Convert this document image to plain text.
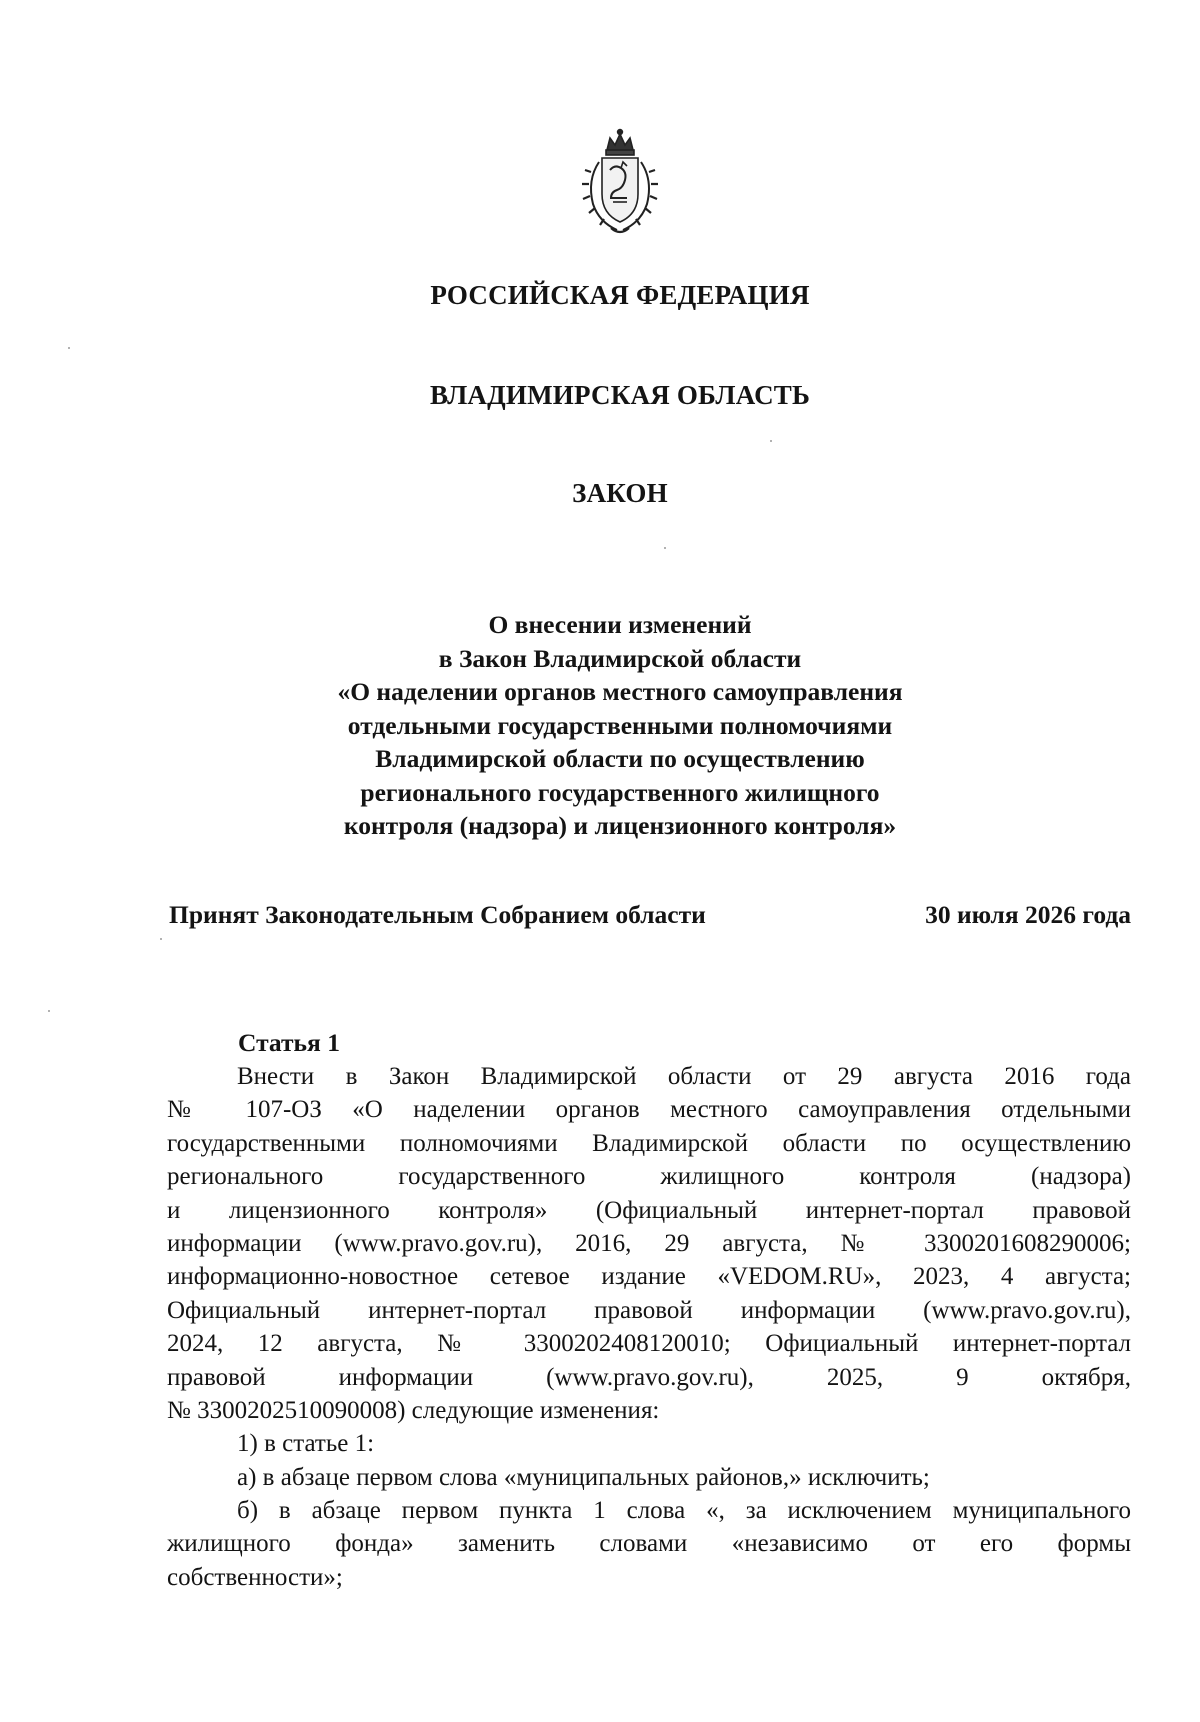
РОССИЙСКАЯ ФЕДЕРАЦИЯ
ВЛАДИМИРСКАЯ ОБЛАСТЬ
ЗАКОН
О внесении изменений
в Закон Владимирской области
«О наделении органов местного самоуправления
отдельными государственными полномочиями
Владимирской области по осуществлению
регионального государственного жилищного
контроля (надзора) и лицензионного контроля»
Принят Законодательным Собранием области	30 июля 2026 года
Статья 1
Внести в Закон Владимирской области от 29 августа 2016 года
№ 107-ОЗ «О наделении органов местного самоуправления отдельными
государственными полномочиями Владимирской области по осуществлению
регионального государственного жилищного контроля (надзора)
и лицензионного контроля» (Официальный интернет-портал правовой
информации (www.pravo.gov.ru), 2016, 29 августа, № 3300201608290006;
информационно-новостное сетевое издание «VEDOM.RU», 2023, 4 августа;
Официальный интернет-портал правовой информации (www.pravo.gov.ru),
2024, 12 августа, № 3300202408120010; Официальный интернет-портал
правовой информации (www.pravo.gov.ru), 2025, 9 октября,
№ 3300202510090008) следующие изменения:
1) в статье 1:
а) в абзаце первом слова «муниципальных районов,» исключить;
б) в абзаце первом пункта 1 слова «, за исключением муниципального
жилищного фонда» заменить словами «независимо от его формы
собственности»;
